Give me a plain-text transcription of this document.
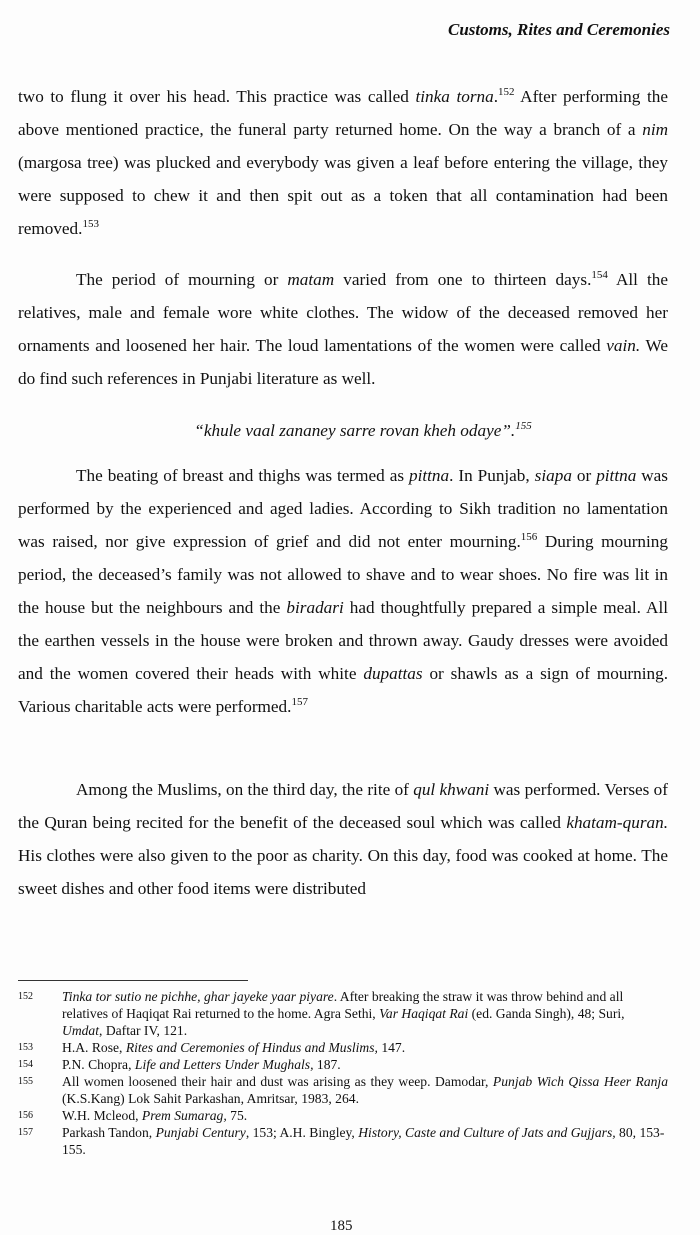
Customs, Rites and Ceremonies

two to flung it over his head. This practice was called tinka torna.$^{152}$ After performing the above mentioned practice, the funeral party returned home. On the way a branch of a nim (margosa tree) was plucked and everybody was given a leaf before entering the village, they were supposed to chew it and then spit out as a token that all contamination had been removed.$^{153}$

The period of mourning or matam varied from one to thirteen days.$^{154}$ All the relatives, male and female wore white clothes. The widow of the deceased removed her ornaments and loosened her hair. The loud lamentations of the women were called vain. We do find such references in Punjabi literature as well.

“khule vaal zananey sarre rovan kheh odaye”.$^{155}$

The beating of breast and thighs was termed as pittna. In Punjab, siapa or pittna was performed by the experienced and aged ladies. According to Sikh tradition no lamentation was raised, nor give expression of grief and did not enter mourning.$^{156}$ During mourning period, the deceased’s family was not allowed to shave and to wear shoes. No fire was lit in the house but the neighbours and the biradari had thoughtfully prepared a simple meal. All the earthen vessels in the house were broken and thrown away. Gaudy dresses were avoided and the women covered their heads with white dupattas or shawls as a sign of mourning. Various charitable acts were performed.$^{157}$

Among the Muslims, on the third day, the rite of qul khwani was performed. Verses of the Quran being recited for the benefit of the deceased soul which was called khatam-quran. His clothes were also given to the poor as charity. On this day, food was cooked at home. The sweet dishes and other food items were distributed

152	Tinka tor sutio ne pichhe, ghar jayeke yaar piyare. After breaking the straw it was throw behind and all relatives of Haqiqat Rai returned to the home. Agra Sethi, Var Haqiqat Rai (ed. Ganda Singh), 48; Suri, Umdat, Daftar IV, 121.
153	H.A. Rose, Rites and Ceremonies of Hindus and Muslims, 147.
154	P.N. Chopra, Life and Letters Under Mughals, 187.
155	All women loosened their hair and dust was arising as they weep. Damodar, Punjab Wich Qissa Heer Ranja (K.S.Kang) Lok Sahit Parkashan, Amritsar, 1983, 264.
156	W.H. Mcleod, Prem Sumarag, 75.
157	Parkash Tandon, Punjabi Century, 153; A.H. Bingley, History, Caste and Culture of Jats and Gujjars, 80, 153-155.
185
